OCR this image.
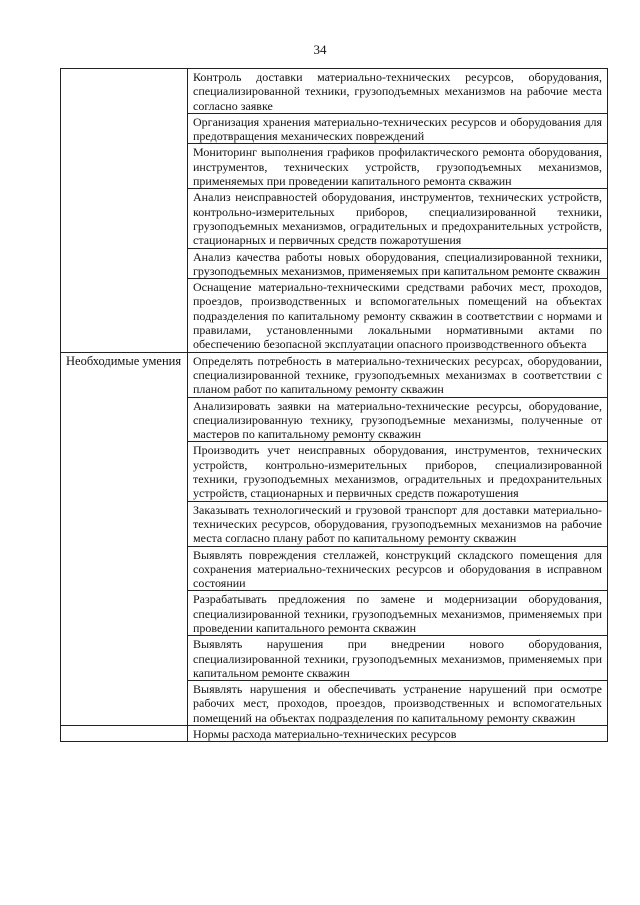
34
	Контроль доставки материально-технических ресурсов, оборудования, специализированной техники, грузоподъемных механизмов на рабочие места согласно заявке
	Организация хранения материально-технических ресурсов и оборудования для предотвращения механических повреждений
	Мониторинг выполнения графиков профилактического ремонта оборудования, инструментов, технических устройств, грузоподъемных механизмов, применяемых при проведении капитального ремонта скважин
	Анализ неисправностей оборудования, инструментов, технических устройств, контрольно-измерительных приборов, специализированной техники, грузоподъемных механизмов, оградительных и предохранительных устройств, стационарных и первичных средств пожаротушения
	Анализ качества работы новых оборудования, специализированной техники, грузоподъемных механизмов, применяемых при капитальном ремонте скважин
	Оснащение материально-техническими средствами рабочих мест, проходов, проездов, производственных и вспомогательных помещений на объектах подразделения по капитальному ремонту скважин в соответствии с нормами и правилами, установленными локальными нормативными актами по обеспечению безопасной эксплуатации опасного производственного объекта
Необходимые умения	Определять потребность в материально-технических ресурсах, оборудовании, специализированной технике, грузоподъемных механизмах в соответствии с планом работ по капитальному ремонту скважин
	Анализировать заявки на материально-технические ресурсы, оборудование, специализированную технику, грузоподъемные механизмы, полученные от мастеров по капитальному ремонту скважин
	Производить учет неисправных оборудования, инструментов, технических устройств, контрольно-измерительных приборов, специализированной техники, грузоподъемных механизмов, оградительных и предохранительных устройств, стационарных и первичных средств пожаротушения
	Заказывать технологический и грузовой транспорт для доставки материально-технических ресурсов, оборудования, грузоподъемных механизмов на рабочие места согласно плану работ по капитальному ремонту скважин
	Выявлять повреждения стеллажей, конструкций складского помещения для сохранения материально-технических ресурсов и оборудования в исправном состоянии
	Разрабатывать предложения по замене и модернизации оборудования, специализированной техники, грузоподъемных механизмов, применяемых при проведении капитального ремонта скважин
	Выявлять нарушения при внедрении нового оборудования, специализированной техники, грузоподъемных механизмов, применяемых при капитальном ремонте скважин
	Выявлять нарушения и обеспечивать устранение нарушений при осмотре рабочих мест, проходов, проездов, производственных и вспомогательных помещений на объектах подразделения по капитальному ремонту скважин
	Нормы расхода материально-технических ресурсов
